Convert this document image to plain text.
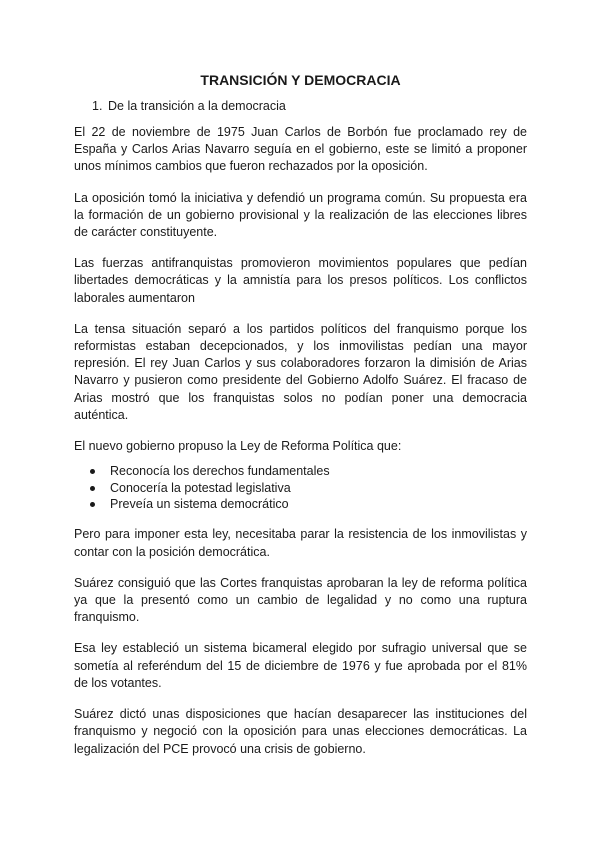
TRANSICIÓN Y DEMOCRACIA

1. De la transición a la democracia

El 22 de noviembre de 1975 Juan Carlos de Borbón fue proclamado rey de España y Carlos Arias Navarro seguía en el gobierno, este se limitó a proponer unos mínimos cambios que fueron rechazados por la oposición.

La oposición tomó la iniciativa y defendió un programa común. Su propuesta era la formación de un gobierno provisional y la realización de las elecciones libres de carácter constituyente.

Las fuerzas antifranquistas promovieron movimientos populares que pedían libertades democráticas y la amnistía para los presos políticos. Los conflictos laborales aumentaron

La tensa situación separó a los partidos políticos del franquismo porque los reformistas estaban decepcionados, y los inmovilistas pedían una mayor represión. El rey Juan Carlos y sus colaboradores forzaron la dimisión de Arias Navarro y pusieron como presidente del Gobierno Adolfo Suárez. El fracaso de Arias mostró que los franquistas solos no podían poner una democracia auténtica.

El nuevo gobierno propuso la Ley de Reforma Política que:

Reconocía los derechos fundamentales
Conocería la potestad legislativa
Preveía un sistema democrático

Pero para imponer esta ley, necesitaba parar la resistencia de los inmovilistas y contar con la posición democrática.

Suárez consiguió que las Cortes franquistas aprobaran la ley de reforma política ya que la presentó como un cambio de legalidad y no como una ruptura franquismo.

Esa ley estableció un sistema bicameral elegido por sufragio universal que se sometía al referéndum del 15 de diciembre de 1976 y fue aprobada por el 81% de los votantes.

Suárez dictó unas disposiciones que hacían desaparecer las instituciones del franquismo y negoció con la oposición para unas elecciones democráticas. La legalización del PCE provocó una crisis de gobierno.
